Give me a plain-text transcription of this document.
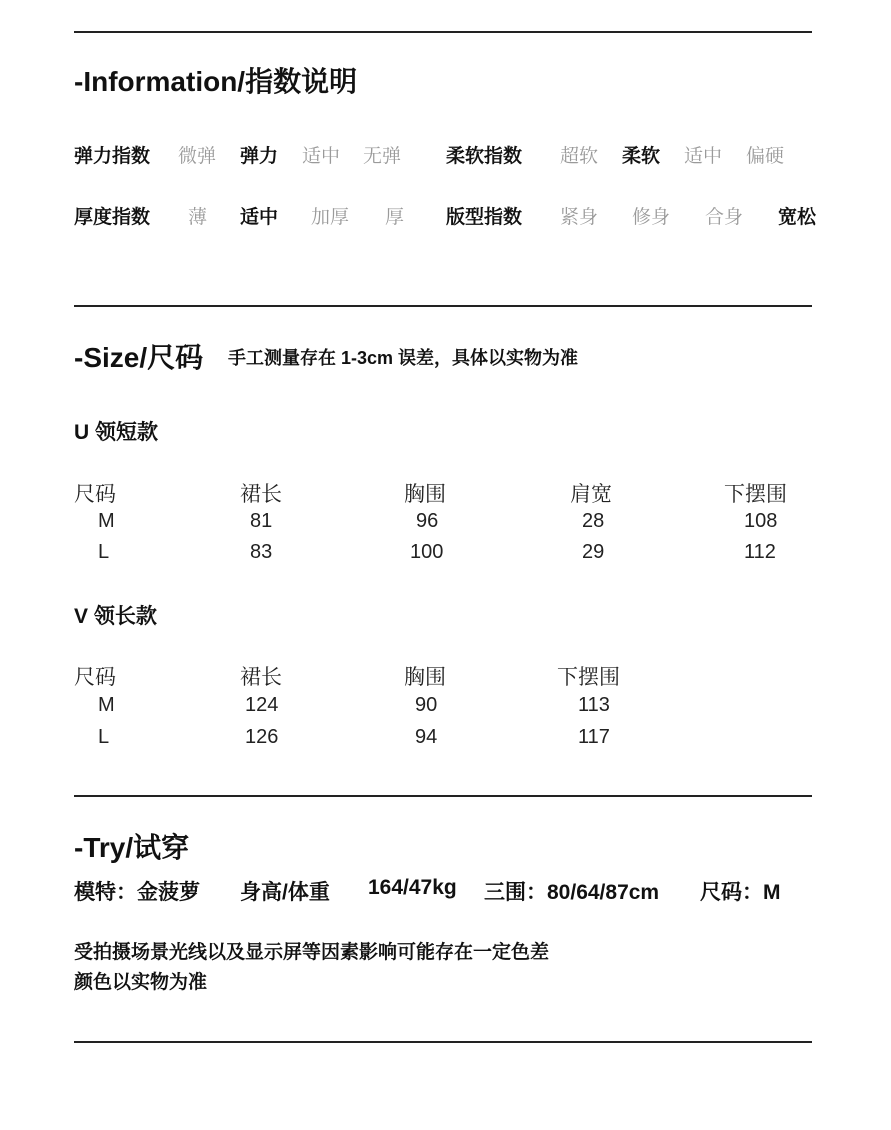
-Information/指数说明
弹力指数 微弹 弹力 适中 无弹 柔软指数 超软 柔软 适中 偏硬
厚度指数 薄 适中 加厚 厚 版型指数 紧身 修身 合身 宽松
-Size/尺码 手工测量存在 1-3cm 误差，具体以实物为准
U 领短款
尺码	裙长	胸围	肩宽	下摆围
M	81	96	28	108
L	83	100	29	112
V 领长款
尺码	裙长	胸围	下摆围
M	124	90	113
L	126	94	117
-Try/试穿
模特：金菠萝 身高/体重 164/47kg 三围：80/64/87cm 尺码：M
受拍摄场景光线以及显示屏等因素影响可能存在一定色差
颜色以实物为准
